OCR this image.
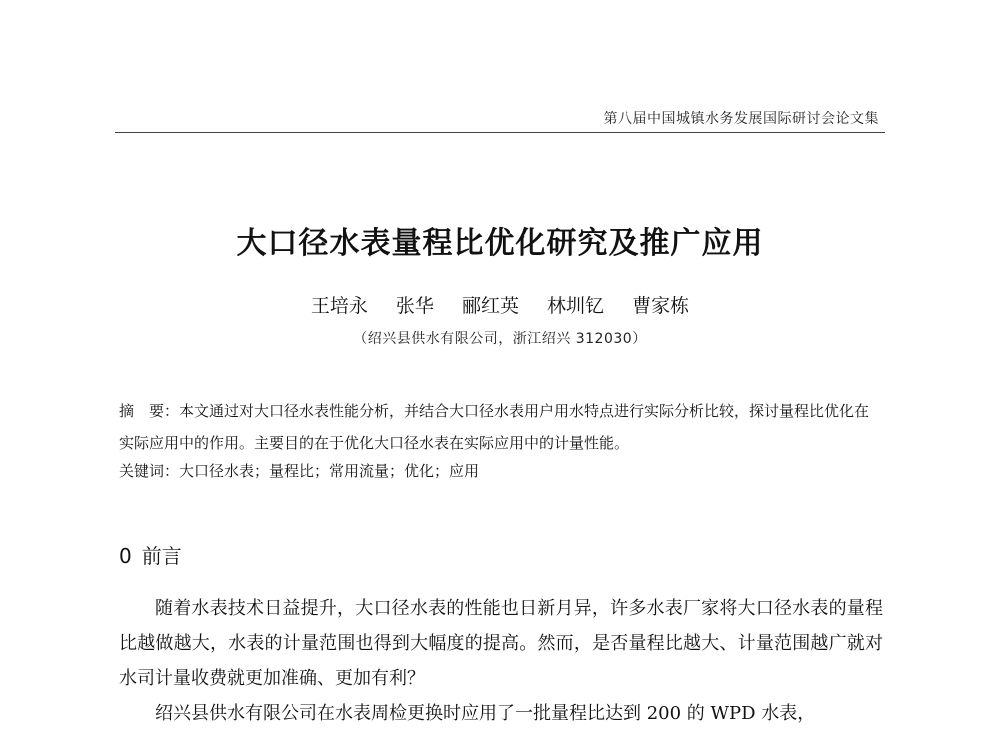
第八届中国城镇水务发展国际研讨会论文集
大口径水表量程比优化研究及推广应用
王培永 张华 郦红英 林圳钇 曹家栋
（绍兴县供水有限公司，浙江绍兴 312030）
摘　要：本文通过对大口径水表性能分析，并结合大口径水表用户用水特点进行实际分析比较，探讨量程比优化在实际应用中的作用。主要目的在于优化大口径水表在实际应用中的计量性能。
关键词：大口径水表；量程比；常用流量；优化；应用
0 前言

随着水表技术日益提升，大口径水表的性能也日新月异，许多水表厂家将大口径水表的量程比越做越大，水表的计量范围也得到大幅度的提高。然而，是否量程比越大、计量范围越广就对水司计量收费就更加准确、更加有利？

绍兴县供水有限公司在水表周检更换时应用了一批量程比达到 200 的 WPD 水表，
